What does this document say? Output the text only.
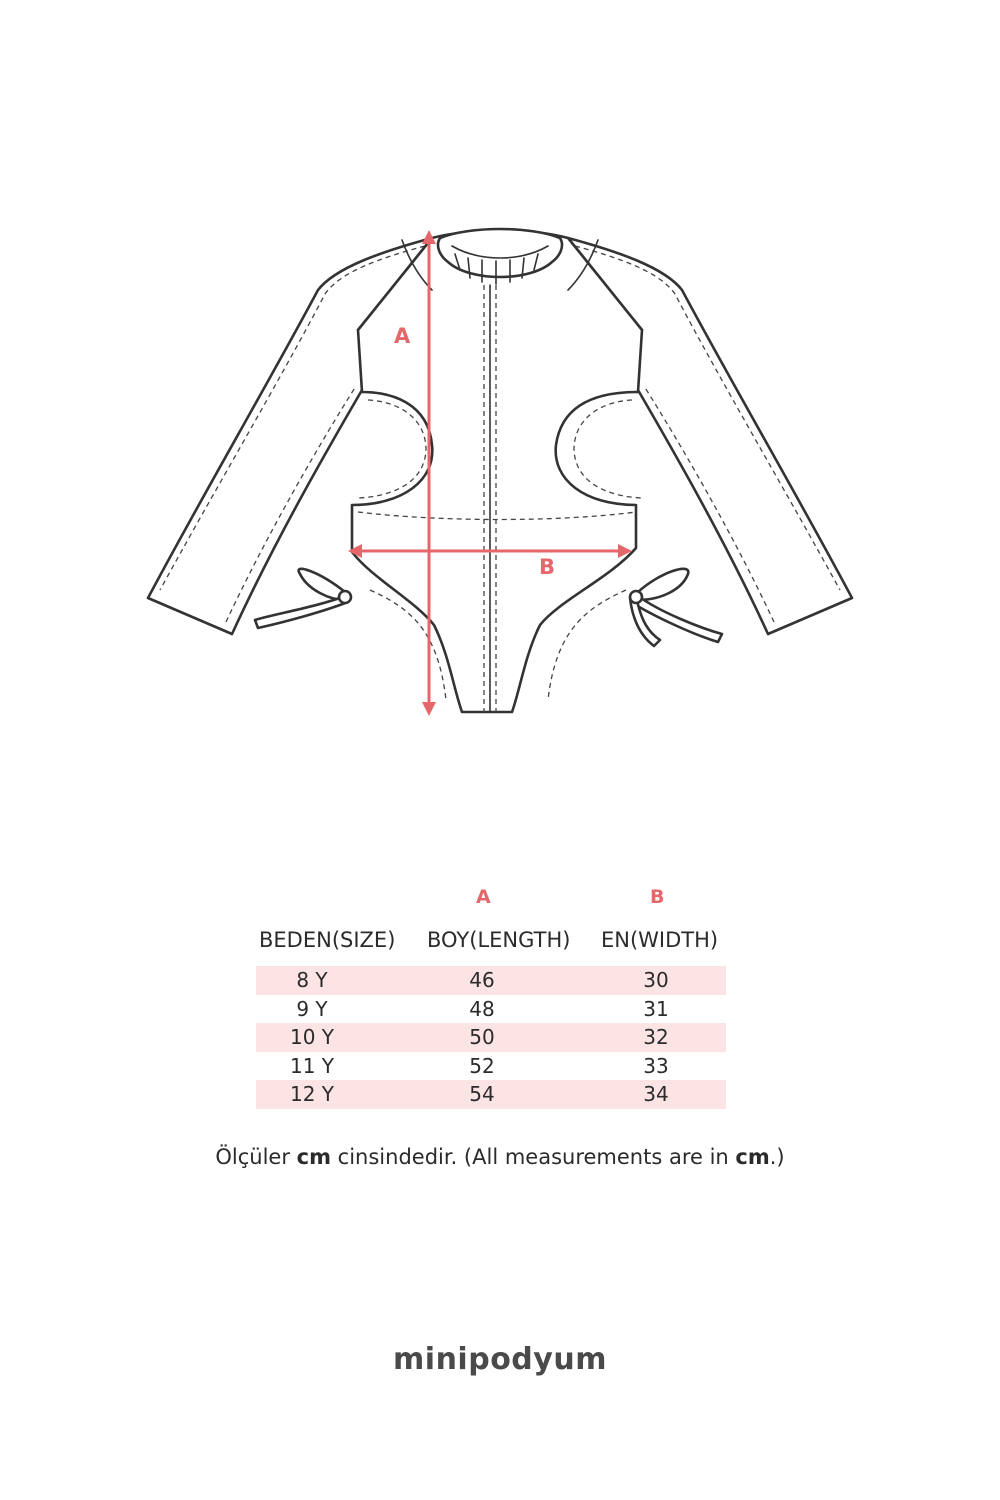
A
B
A	B
BEDEN(SIZE) BOY(LENGTH) EN(WIDTH)
8 Y	46	30
9 Y	48	31
10 Y	50	32
11 Y	52	33
12 Y	54	34
Ölçüler cm cinsindedir. (All measurements are in cm.)
minipodyum
